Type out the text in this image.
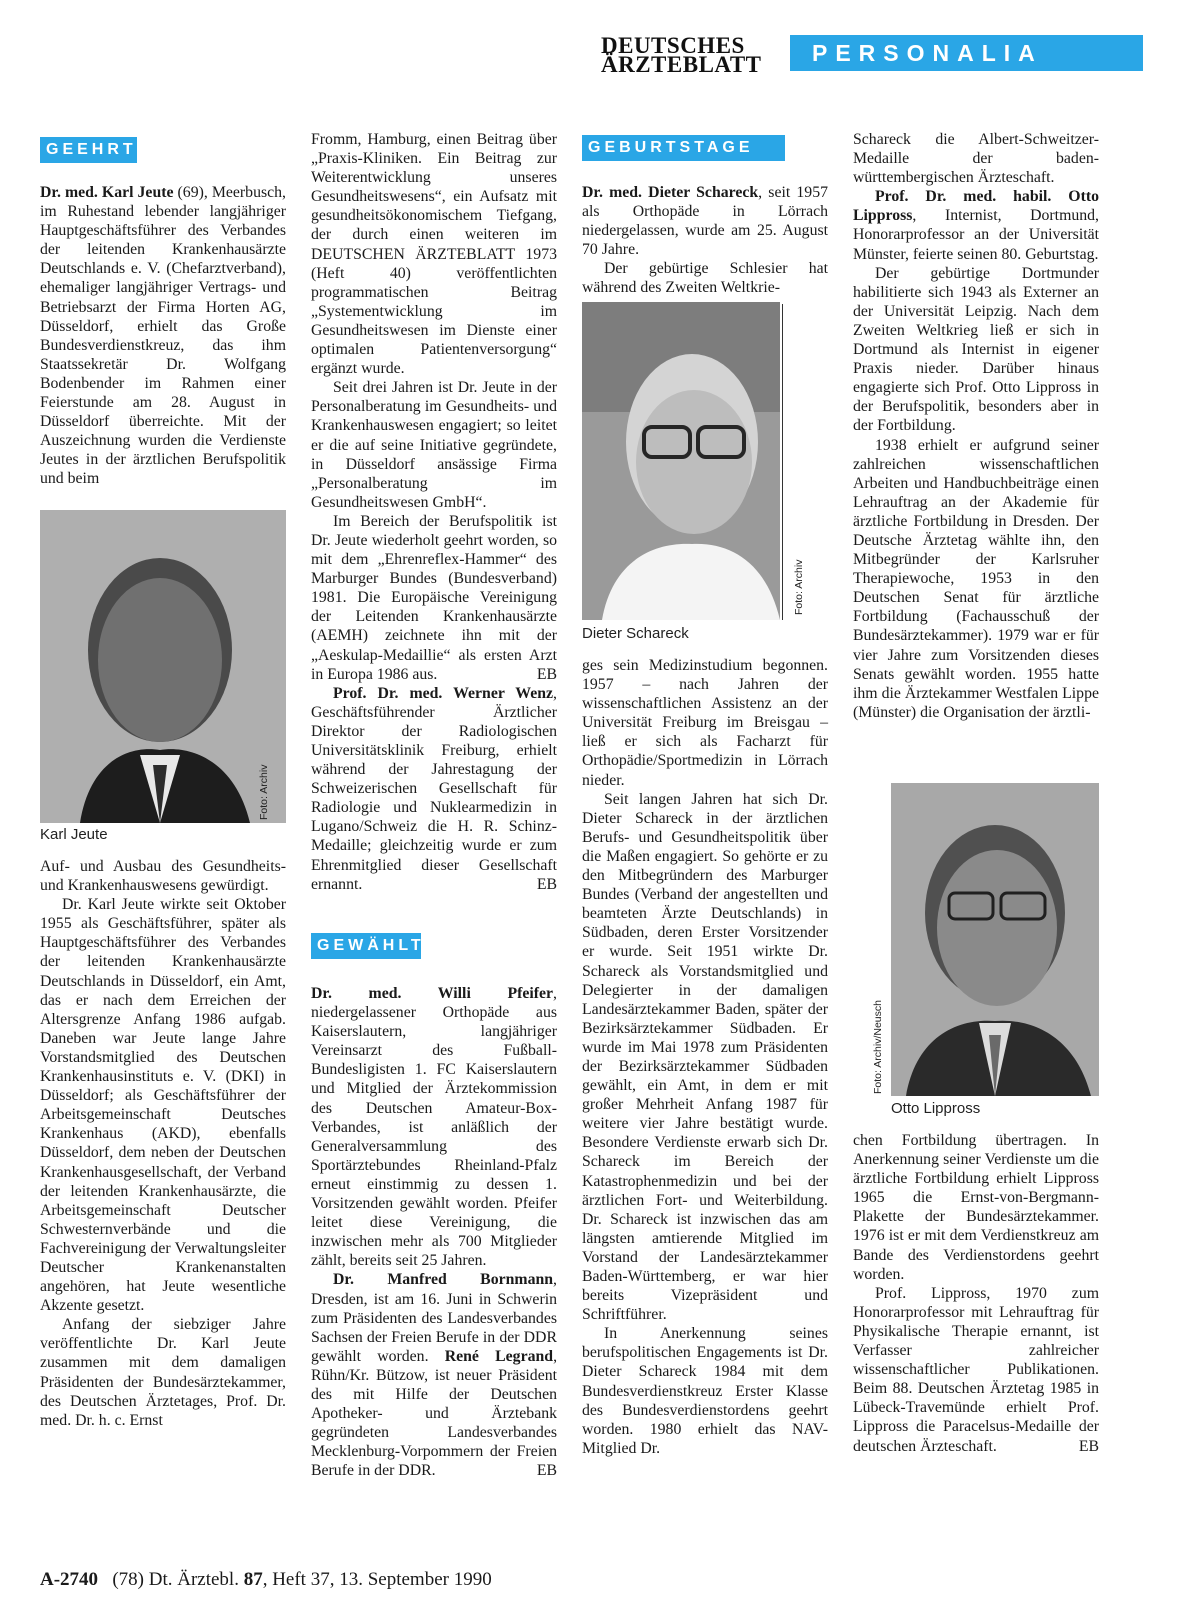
DEUTSCHES
ÄRZTEBLATT	PERSONALIA
GEEHRT

Dr. med. Karl Jeute (69), Meerbusch, im Ruhestand lebender langjähriger Hauptgeschäftsführer des Verbandes der leitenden Krankenhausärzte Deutschlands e. V. (Chefarztverband), ehemaliger langjähriger Vertrags- und Betriebsarzt der Firma Horten AG, Düsseldorf, erhielt das Große Bundesverdienstkreuz, das ihm Staatssekretär Dr. Wolfgang Bodenbender im Rahmen einer Feierstunde am 28. August in Düsseldorf überreichte. Mit der Auszeichnung wurden die Verdienste Jeutes in der ärztlichen Berufspolitik und beim

Foto: Archiv
Karl Jeute

Auf- und Ausbau des Gesundheits- und Krankenhauswesens gewürdigt.

Dr. Karl Jeute wirkte seit Oktober 1955 als Geschäftsführer, später als Hauptgeschäftsführer des Verbandes der leitenden Krankenhausärzte Deutschlands in Düsseldorf, ein Amt, das er nach dem Erreichen der Altersgrenze Anfang 1986 aufgab. Daneben war Jeute lange Jahre Vorstandsmitglied des Deutschen Krankenhausinstituts e. V. (DKI) in Düsseldorf; als Geschäftsführer der Arbeitsgemeinschaft Deutsches Krankenhaus (AKD), ebenfalls Düsseldorf, dem neben der Deutschen Krankenhausgesellschaft, der Verband der leitenden Krankenhausärzte, die Arbeitsgemeinschaft Deutscher Schwesternverbände und die Fachvereinigung der Verwaltungsleiter Deutscher Krankenanstalten angehören, hat Jeute wesentliche Akzente gesetzt.

Anfang der siebziger Jahre veröffentlichte Dr. Karl Jeute zusammen mit dem damaligen Präsidenten der Bundesärztekammer, des Deutschen Ärztetages, Prof. Dr. med. Dr. h. c. Ernst

Fromm, Hamburg, einen Beitrag über „Praxis-Kliniken. Ein Beitrag zur Weiterentwicklung unseres Gesundheitswesens“, ein Aufsatz mit gesundheitsökonomischem Tiefgang, der durch einen weiteren im DEUTSCHEN ÄRZTEBLATT 1973 (Heft 40) veröffentlichten programmatischen Beitrag „Systementwicklung im Gesundheitswesen im Dienste einer optimalen Patientenversorgung“ ergänzt wurde.

Seit drei Jahren ist Dr. Jeute in der Personalberatung im Gesundheits- und Krankenhauswesen engagiert; so leitet er die auf seine Initiative gegründete, in Düsseldorf ansässige Firma „Personalberatung im Gesundheitswesen GmbH“.

Im Bereich der Berufspolitik ist Dr. Jeute wiederholt geehrt worden, so mit dem „Ehrenreflex-Hammer“ des Marburger Bundes (Bundesverband) 1981. Die Europäische Vereinigung der Leitenden Krankenhausärzte (AEMH) zeichnete ihn mit der „Aeskulap-Medaillie“ als ersten Arzt in Europa 1986 aus.	EB

Prof. Dr. med. Werner Wenz, Geschäftsführender Ärztlicher Direktor der Radiologischen Universitätsklinik Freiburg, erhielt während der Jahrestagung der Schweizerischen Gesellschaft für Radiologie und Nuklearmedizin in Lugano/Schweiz die H. R. Schinz-Medaille; gleichzeitig wurde er zum Ehrenmitglied dieser Gesellschaft ernannt.	EB

GEWÄHLT

Dr. med. Willi Pfeifer, niedergelassener Orthopäde aus Kaiserslautern, langjähriger Vereinsarzt des Fußball-Bundesligisten 1. FC Kaiserslautern und Mitglied der Ärztekommission des Deutschen Amateur-Box-Verbandes, ist anläßlich der Generalversammlung des Sportärztebundes Rheinland-Pfalz erneut einstimmig zu dessen 1. Vorsitzenden gewählt worden. Pfeifer leitet diese Vereinigung, die inzwischen mehr als 700 Mitglieder zählt, bereits seit 25 Jahren.

Dr. Manfred Bornmann, Dresden, ist am 16. Juni in Schwerin zum Präsidenten des Landesverbandes Sachsen der Freien Berufe in der DDR gewählt worden. René Legrand, Rühn/Kr. Bützow, ist neuer Präsident des mit Hilfe der Deutschen Apotheker- und Ärztebank gegründeten Landesverbandes Mecklenburg-Vorpommern der Freien Berufe in der DDR.	EB

GEBURTSTAGE

Dr. med. Dieter Schareck, seit 1957 als Orthopäde in Lörrach niedergelassen, wurde am 25. August 70 Jahre.

Der gebürtige Schlesier hat während des Zweiten Weltkrie-

Foto: Archiv
Dieter Schareck

ges sein Medizinstudium begonnen. 1957 – nach Jahren der wissenschaftlichen Assistenz an der Universität Freiburg im Breisgau – ließ er sich als Facharzt für Orthopädie/Sportmedizin in Lörrach nieder.

Seit langen Jahren hat sich Dr. Dieter Schareck in der ärztlichen Berufs- und Gesundheitspolitik über die Maßen engagiert. So gehörte er zu den Mitbegründern des Marburger Bundes (Verband der angestellten und beamteten Ärzte Deutschlands) in Südbaden, deren Erster Vorsitzender er wurde. Seit 1951 wirkte Dr. Schareck als Vorstandsmitglied und Delegierter in der damaligen Landesärztekammer Baden, später der Bezirksärztekammer Südbaden. Er wurde im Mai 1978 zum Präsidenten der Bezirksärztekammer Südbaden gewählt, ein Amt, in dem er mit großer Mehrheit Anfang 1987 für weitere vier Jahre bestätigt wurde. Besondere Verdienste erwarb sich Dr. Schareck im Bereich der Katastrophenmedizin und bei der ärztlichen Fort- und Weiterbildung. Dr. Schareck ist inzwischen das am längsten amtierende Mitglied im Vorstand der Landesärztekammer Baden-Württemberg, er war hier bereits Vizepräsident und Schriftführer.

In Anerkennung seines berufspolitischen Engagements ist Dr. Dieter Schareck 1984 mit dem Bundesverdienstkreuz Erster Klasse des Bundesverdienstordens geehrt worden. 1980 erhielt das NAV-Mitglied Dr.

Schareck die Albert-Schweitzer-Medaille der baden-württembergischen Ärzteschaft.

Prof. Dr. med. habil. Otto Lippross, Internist, Dortmund, Honorarprofessor an der Universität Münster, feierte seinen 80. Geburtstag.

Der gebürtige Dortmunder habilitierte sich 1943 als Externer an der Universität Leipzig. Nach dem Zweiten Weltkrieg ließ er sich in Dortmund als Internist in eigener Praxis nieder. Darüber hinaus engagierte sich Prof. Otto Lippross in der Berufspolitik, besonders aber in der Fortbildung.

1938 erhielt er aufgrund seiner zahlreichen wissenschaftlichen Arbeiten und Handbuchbeiträge einen Lehrauftrag an der Akademie für ärztliche Fortbildung in Dresden. Der Deutsche Ärztetag wählte ihn, den Mitbegründer der Karlsruher Therapiewoche, 1953 in den Deutschen Senat für ärztliche Fortbildung (Fachausschuß der Bundesärztekammer). 1979 war er für vier Jahre zum Vorsitzenden dieses Senats gewählt worden. 1955 hatte ihm die Ärztekammer Westfalen Lippe (Münster) die Organisation der ärztli-

Foto: Archiv/Neusch
Otto Lippross

chen Fortbildung übertragen. In Anerkennung seiner Verdienste um die ärztliche Fortbildung erhielt Lippross 1965 die Ernst-von-Bergmann-Plakette der Bundesärztekammer. 1976 ist er mit dem Verdienstkreuz am Bande des Verdienstordens geehrt worden.

Prof. Lippross, 1970 zum Honorarprofessor mit Lehrauftrag für Physikalische Therapie ernannt, ist Verfasser zahlreicher wissenschaftlicher Publikationen. Beim 88. Deutschen Ärztetag 1985 in Lübeck-Travemünde erhielt Prof. Lippross die Paracelsus-Medaille der deutschen Ärzteschaft.	EB

A-2740 (78) Dt. Ärztebl. 87, Heft 37, 13. September 1990
